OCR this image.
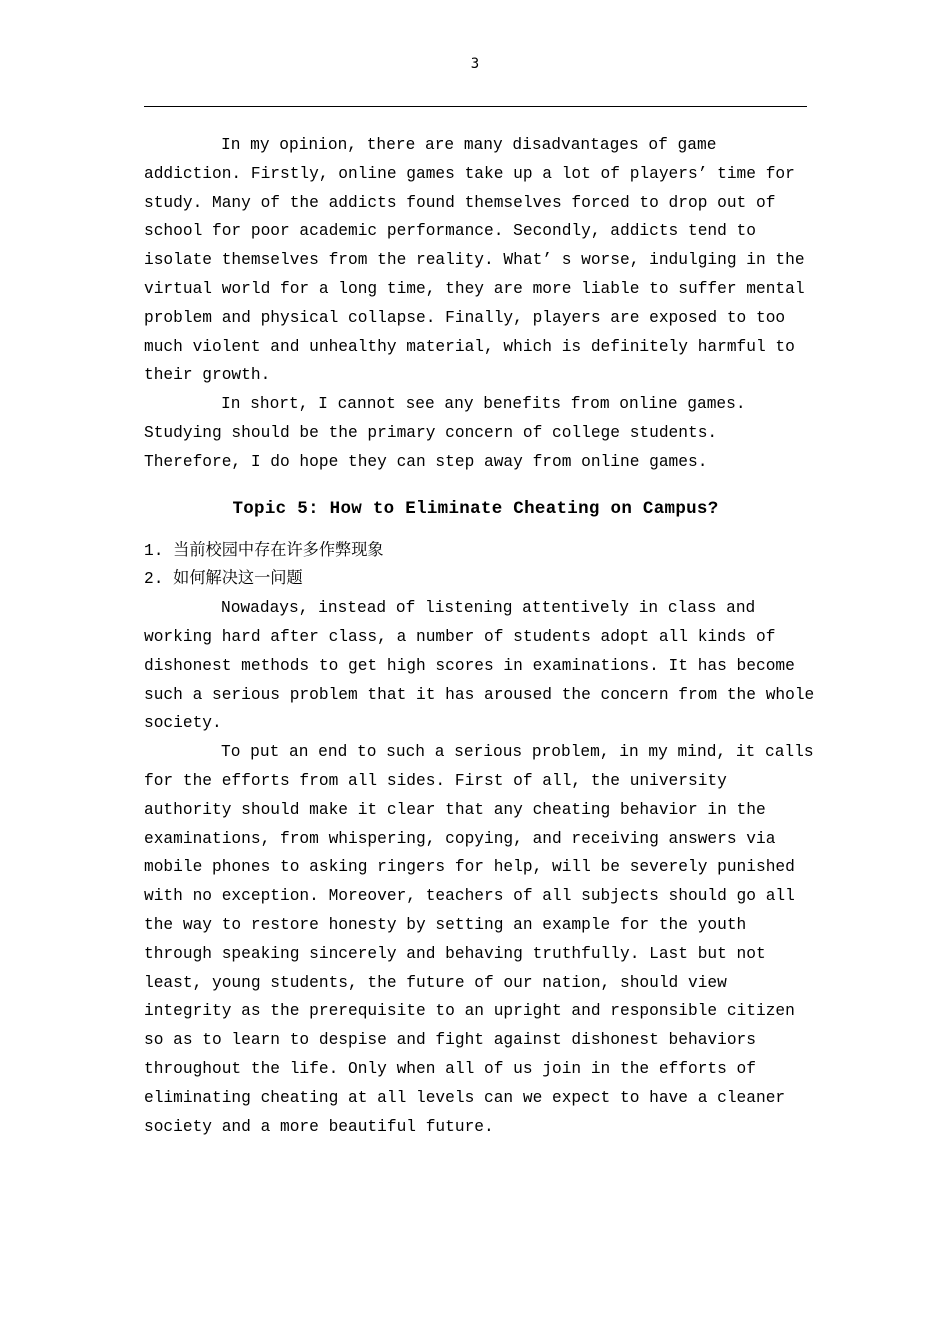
3

In my opinion, there are many disadvantages of game
addiction. Firstly, online games take up a lot of players’ time for
study. Many of the addicts found themselves forced to drop out of
school for poor academic performance. Secondly, addicts tend to
isolate themselves from the reality. What’ s worse, indulging in the
virtual world for a long time, they are more liable to suffer mental
problem and physical collapse. Finally, players are exposed to too
much violent and unhealthy material, which is definitely harmful to
their growth.

In short, I cannot see any benefits from online games.
Studying should be the primary concern of college students.
Therefore, I do hope they can step away from online games.

Topic 5: How to Eliminate Cheating on Campus?

1. 当前校园中存在许多作弊现象

2. 如何解决这一问题

Nowadays, instead of listening attentively in class and
working hard after class, a number of students adopt all kinds of
dishonest methods to get high scores in examinations. It has become
such a serious problem that it has aroused the concern from the whole
society.

To put an end to such a serious problem, in my mind, it calls
for the efforts from all sides. First of all, the university
authority should make it clear that any cheating behavior in the
examinations, from whispering, copying, and receiving answers via
mobile phones to asking ringers for help, will be severely punished
with no exception. Moreover, teachers of all subjects should go all
the way to restore honesty by setting an example for the youth
through speaking sincerely and behaving truthfully. Last but not
least, young students, the future of our nation, should view
integrity as the prerequisite to an upright and responsible citizen
so as to learn to despise and fight against dishonest behaviors
throughout the life. Only when all of us join in the efforts of
eliminating cheating at all levels can we expect to have a cleaner
society and a more beautiful future.
